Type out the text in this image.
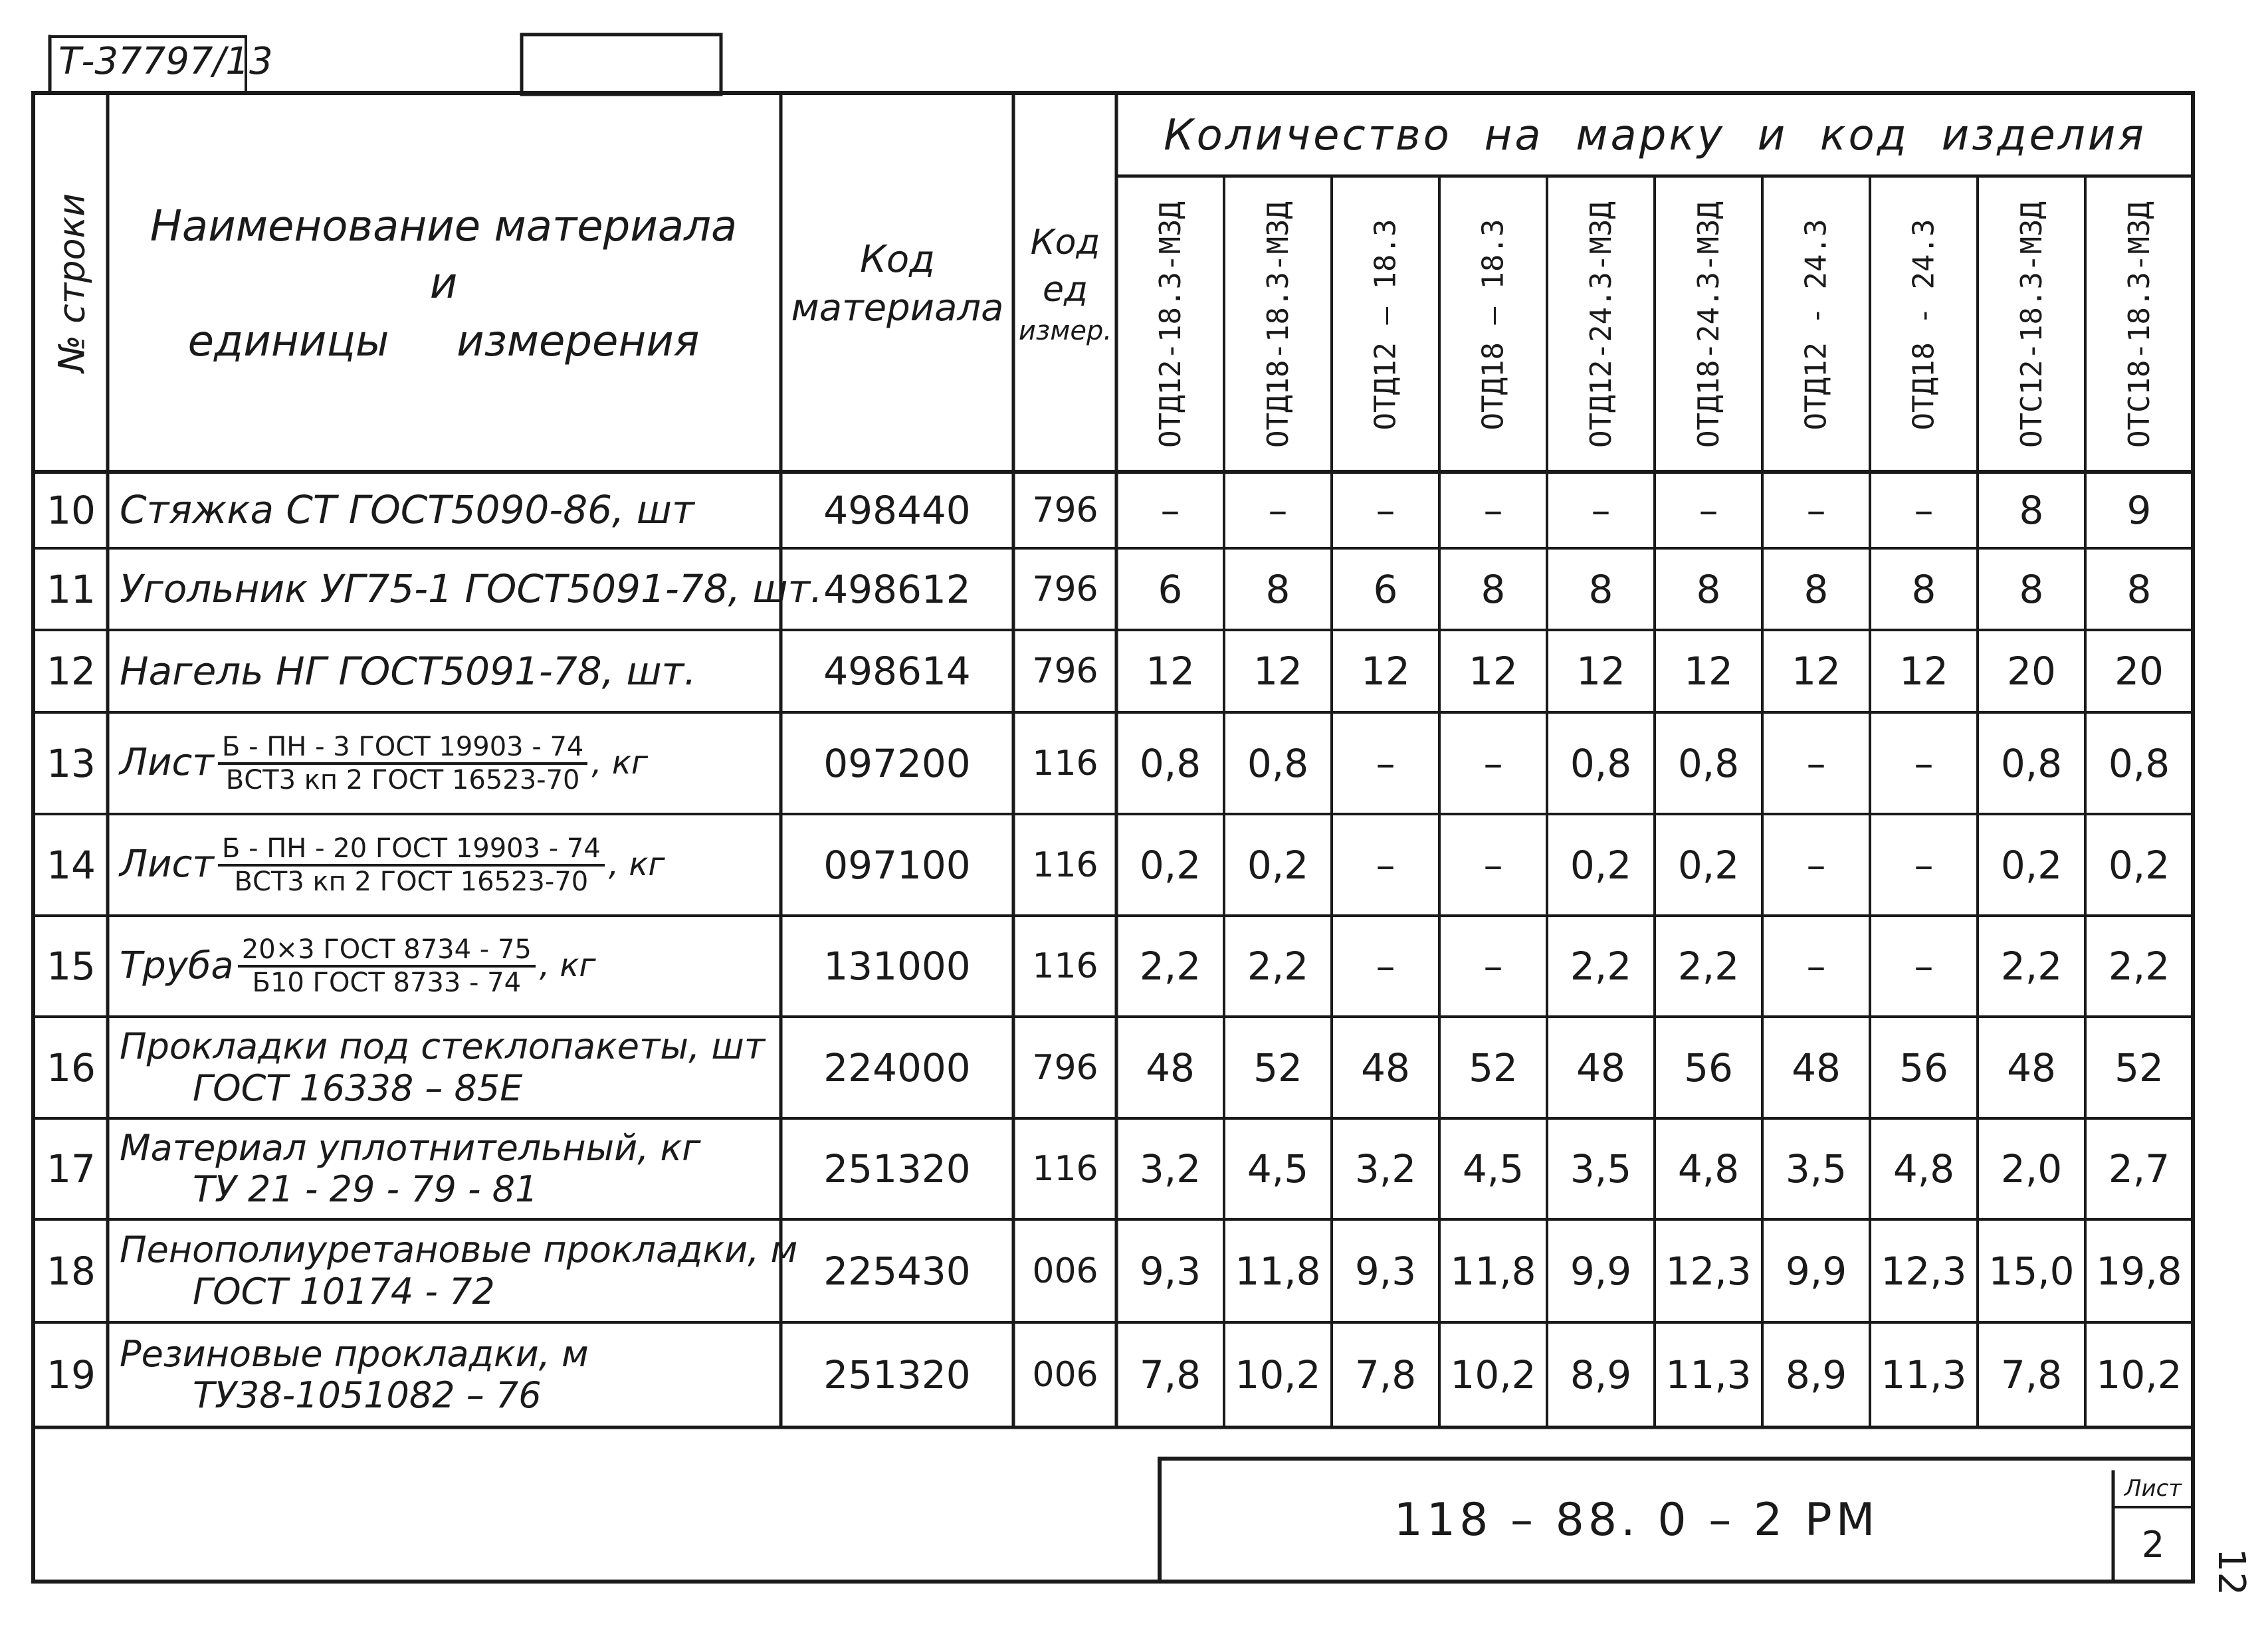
Т-37797/13
№ строки Наименование материала
и
единицы     измерения
Код
материала
Код
ед
измер.
Количество  на  марку  и  код  изделия
ОТД12-18.3-МЗД	ОТД18-18.3-МЗД	ОТД12 – 18.3	ОТД18 – 18.3	ОТД12-24.3-МЗД	ОТД18-24.3-МЗД	ОТД12 - 24.3	ОТД18 - 24.3	ОТС12-18.3-МЗД	ОТС18-18.3-МЗД
10 Стяжка СТ ГОСТ5090-86, шт	498440	796	–	–	–	–	–	–	–	–	8	9
11 Угольник УГ75-1 ГОСТ5091-78, шт. 498612	796	6	8	6	8	8	8	8	8	8	8
12 Нагель НГ ГОСТ5091-78, шт.	498614	796	12	12	12	12	12	12	12	12	20	20
13 Лист $\frac{\text{Б - ПН - 3 ГОСТ 19903 - 74}}{\text{ВСТ3 кп 2 ГОСТ 16523-70}}$ , кг	097200	116	0,8	0,8	–	–	0,8	0,8	–	–	0,8	0,8
14 Лист $\frac{\text{Б - ПН - 20 ГОСТ 19903 - 74}}{\text{ВСТ3 кп 2 ГОСТ 16523-70}}$ , кг	097100	116	0,2	0,2	–	–	0,2	0,2	–	–	0,2	0,2
15 Труба $\frac{\text{20×3 ГОСТ 8734 - 75}}{\text{Б10 ГОСТ 8733 - 74}}$ , кг	131000	116	2,2	2,2	–	–	2,2	2,2	–	–	2,2	2,2
16 Прокладки под стеклопакеты, шт
ГОСТ 16338 – 85Е	224000	796	48	52	48	52	48	56	48	56	48	52
17 Материал уплотнительный, кг
ТУ 21 - 29 - 79 - 81	251320	116	3,2	4,5	3,2	4,5	3,5	4,8	3,5	4,8	2,0	2,7
18 Пенополиуретановые прокладки, м
ГОСТ 10174 - 72	225430	006	9,3 11,8 9,3 11,8 9,9 12,3 9,9 12,3 15,0 19,8
19 Резиновые прокладки, м
ТУ38-1051082 – 76	251320	006	7,8 10,2 7,8 10,2 8,9 11,3 8,9 11,3 7,8 10,2
118 – 88. 0 – 2 РМ
Лист
2
12
